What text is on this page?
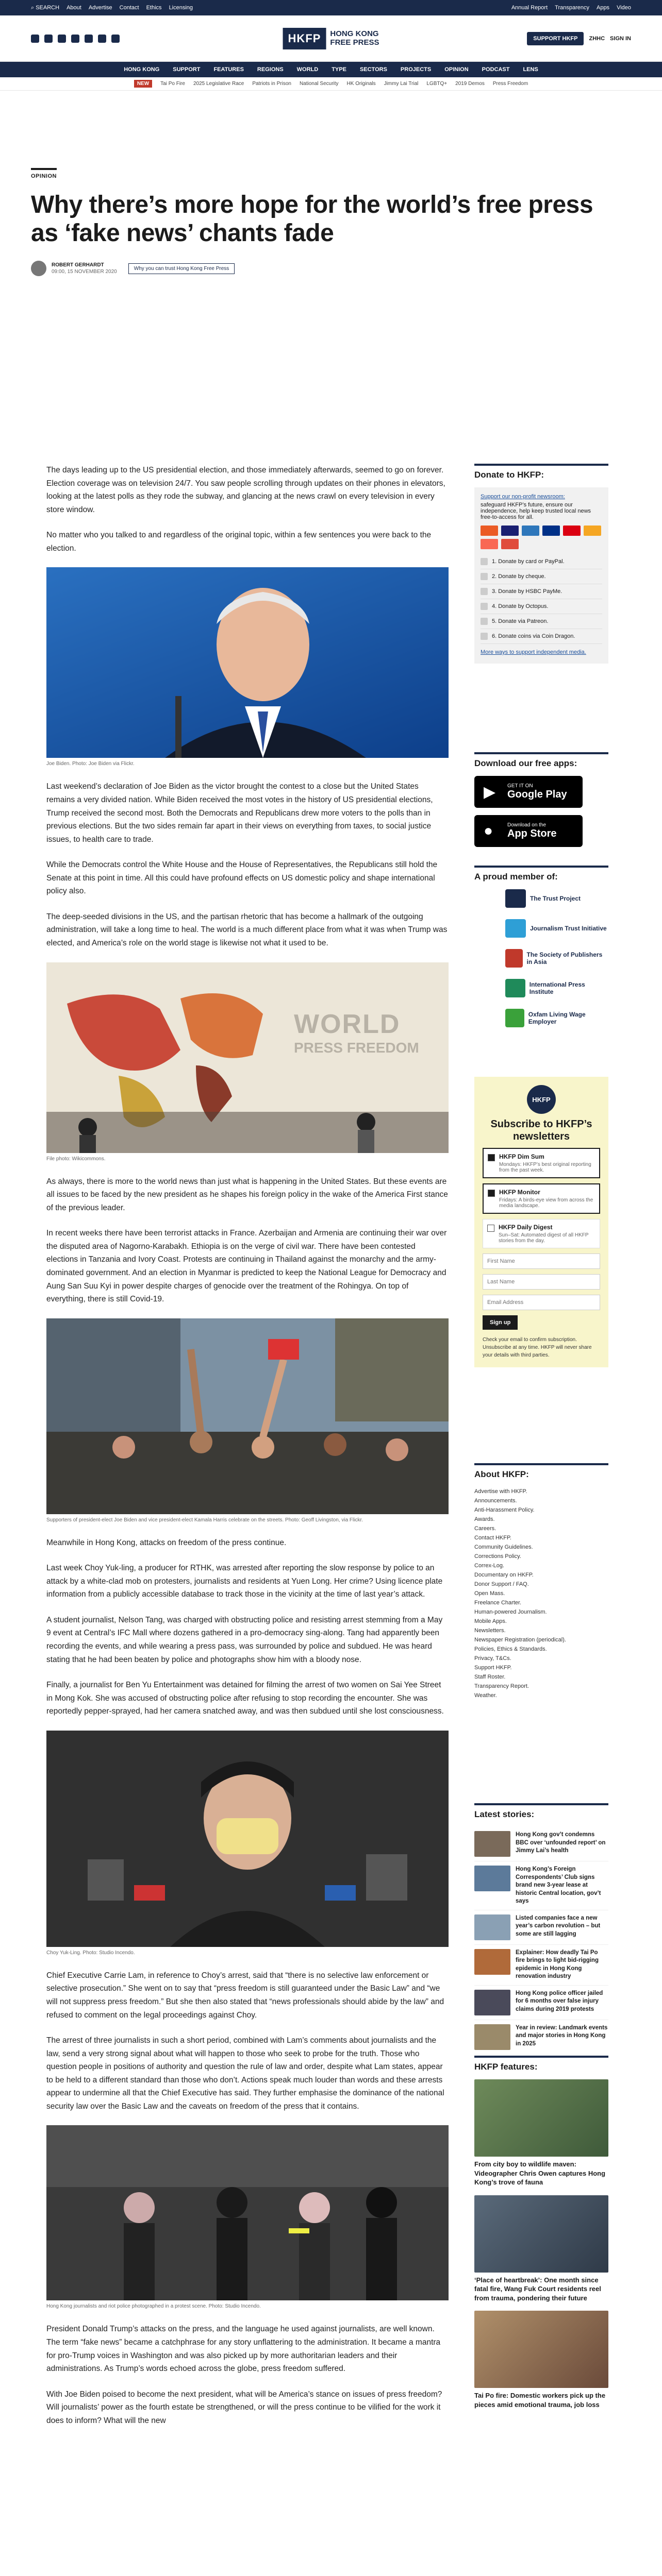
⌕ SEARCH About Advertise Contact Ethics Licensing	Annual Report Transparency Apps Video
HKFP	HONG KONG
FREE PRESS	SUPPORT HKFP	ZHHC SIGN IN
HONG KONG SUPPORT FEATURES REGIONS WORLD TYPE SECTORS PROJECTS OPINION PODCAST LENS
NEW	Tai Po Fire 2025 Legislative Race Patriots in Prison National Security HK Originals Jimmy Lai Trial LGBTQ+ 2019 Demos Press Freedom
OPINION
Why there’s more hope for the world’s free press as ‘fake news’ chants fade
ROBERT GERHARDT
09:00, 15 NOVEMBER 2020
Why you can trust Hong Kong Free Press

The days leading up to the US presidential election, and those immediately afterwards, seemed to go on forever. Election coverage was on television 24/7. You saw people scrolling through updates on their phones in elevators, looking at the latest polls as they rode the subway, and glancing at the news crawl on every television in every store window.

No matter who you talked to and regardless of the original topic, within a few sentences you were back to the election.

Joe Biden. Photo: Joe Biden via Flickr.

Last weekend’s declaration of Joe Biden as the victor brought the contest to a close but the United States remains a very divided nation. While Biden received the most votes in the history of US presidential elections, Trump received the second most. Both the Democrats and Republicans drew more voters to the polls than in previous elections. But the two sides remain far apart in their views on everything from taxes, to social justice issues, to health care to trade.

While the Democrats control the White House and the House of Representatives, the Republicans still hold the Senate at this point in time. All this could have profound effects on US domestic policy and shape international policy also.

The deep-seeded divisions in the US, and the partisan rhetoric that has become a hallmark of the outgoing administration, will take a long time to heal. The world is a much different place from what it was when Trump was elected, and America’s role on the world stage is likewise not what it used to be.

WORLD
PRESS FREEDOM
File photo: Wikicommons.

As always, there is more to the world news than just what is happening in the United States. But these events are all issues to be faced by the new president as he shapes his foreign policy in the wake of the America First stance of the previous leader.

In recent weeks there have been terrorist attacks in France. Azerbaijan and Armenia are continuing their war over the disputed area of Nagorno-Karabakh. Ethiopia is on the verge of civil war. There have been contested elections in Tanzania and Ivory Coast. Protests are continuing in Thailand against the monarchy and the army-dominated government. And an election in Myanmar is predicted to keep the National League for Democracy and Aung San Suu Kyi in power despite charges of genocide over the treatment of the Rohingya. On top of everything, there is still Covid-19.

Supporters of president-elect Joe Biden and vice president-elect Kamala Harris celebrate on the streets. Photo: Geoff Livingston, via Flickr.

Meanwhile in Hong Kong, attacks on freedom of the press continue.

Last week Choy Yuk-ling, a producer for RTHK, was arrested after reporting the slow response by police to an attack by a white-clad mob on protesters, journalists and residents at Yuen Long. Her crime? Using licence plate information from a publicly accessible database to track those in the vicinity at the time of last year’s attack.

A student journalist, Nelson Tang, was charged with obstructing police and resisting arrest stemming from a May 9 event at Central’s IFC Mall where dozens gathered in a pro-democracy sing-along. Tang had apparently been recording the events, and while wearing a press pass, was surrounded by police and subdued. He was heard stating that he had been beaten by police and photographs show him with a bloody nose.

Finally, a journalist for Ben Yu Entertainment was detained for filming the arrest of two women on Sai Yee Street in Mong Kok. She was accused of obstructing police after refusing to stop recording the encounter. She was reportedly pepper-sprayed, had her camera snatched away, and was then subdued until she lost consciousness.

Choy Yuk-Ling. Photo: Studio Incendo.

Chief Executive Carrie Lam, in reference to Choy’s arrest, said that “there is no selective law enforcement or selective prosecution.” She went on to say that “press freedom is still guaranteed under the Basic Law” and “we will not suppress press freedom.” But she then also stated that “news professionals should abide by the law” and refused to comment on the legal proceedings against Choy.

The arrest of three journalists in such a short period, combined with Lam’s comments about journalists and the law, send a very strong signal about what will happen to those who seek to probe for the truth. Those who question people in positions of authority and question the rule of law and order, despite what Lam states, appear to be held to a different standard than those who don’t. Actions speak much louder than words and these arrests appear to undermine all that the Chief Executive has said. They further emphasise the dominance of the national security law over the Basic Law and the caveats on freedom of the press that it contains.

Hong Kong journalists and riot police photographed in a protest scene. Photo: Studio Incendo.

President Donald Trump’s attacks on the press, and the language he used against journalists, are well known. The term “fake news” became a catchphrase for any story unflattering to the administration. It became a mantra for pro-Trump voices in Washington and was also picked up by more authoritarian leaders and their administrations. As Trump’s words echoed across the globe, press freedom suffered.

With Joe Biden poised to become the next president, what will be America’s stance on issues of press freedom? Will journalists’ power as the fourth estate be strengthened, or will the press continue to be vilified for the work it does to inform? What will the new

Donate to HKFP:
Support our non-profit newsroom:
safeguard HKFP’s future, ensure our independence, help keep trusted local news free-to-access for all.
1. Donate by card or PayPal.
2. Donate by cheque.
3. Donate by HSBC PayMe.
4. Donate by Octopus.
5. Donate via Patreon.
6. Donate coins via Coin Dragon.
More ways to support independent media.
Download our free apps:
▶ GET IT ON
Google Play
●	Download on the
App Store
A proud member of:
The Trust Project
Journalism Trust Initiative
The Society of Publishers in Asia
International Press Institute
Oxfam Living Wage Employer
HKFP
Subscribe to HKFP’s newsletters
HKFP Dim Sum
Mondays: HKFP’s best original reporting from the past week.
HKFP Monitor
Fridays: A birds-eye view from across the media landscape.
HKFP Daily Digest
Sun–Sat: Automated digest of all HKFP stories from the day.
First Name Last Name Email Address Sign up
Check your email to confirm subscription. Unsubscribe at any time. HKFP will never share your details with third parties.
About HKFP:
Advertise with HKFP.
Announcements.
Anti-Harassment Policy.
Awards.
Careers.
Contact HKFP.
Community Guidelines.
Corrections Policy.
Correx-Log.
Documentary on HKFP.
Donor Support / FAQ.
Open Mass.
Freelance Charter.
Human-powered Journalism.
Mobile Apps.
Newsletters.
Newspaper Registration (periodical).
Policies, Ethics & Standards.
Privacy, T&Cs.
Support HKFP.
Staff Roster.
Transparency Report.
Weather.
Latest stories:
Hong Kong gov’t condemns BBC over ‘unfounded report’ on Jimmy Lai’s health
Hong Kong’s Foreign Correspondents’ Club signs brand new 3-year lease at historic Central location, gov’t says
Listed companies face a new year’s carbon revolution – but some are still lagging
Explainer: How deadly Tai Po fire brings to light bid-rigging epidemic in Hong Kong renovation industry
Hong Kong police officer jailed for 6 months over false injury claims during 2019 protests
Year in review: Landmark events and major stories in Hong Kong in 2025
HKFP features:
From city boy to wildlife maven: Videographer Chris Owen captures Hong Kong’s trove of fauna
‘Place of heartbreak’: One month since fatal fire, Wang Fuk Court residents reel from trauma, pondering their future
Tai Po fire: Domestic workers pick up the pieces amid emotional trauma, job loss
